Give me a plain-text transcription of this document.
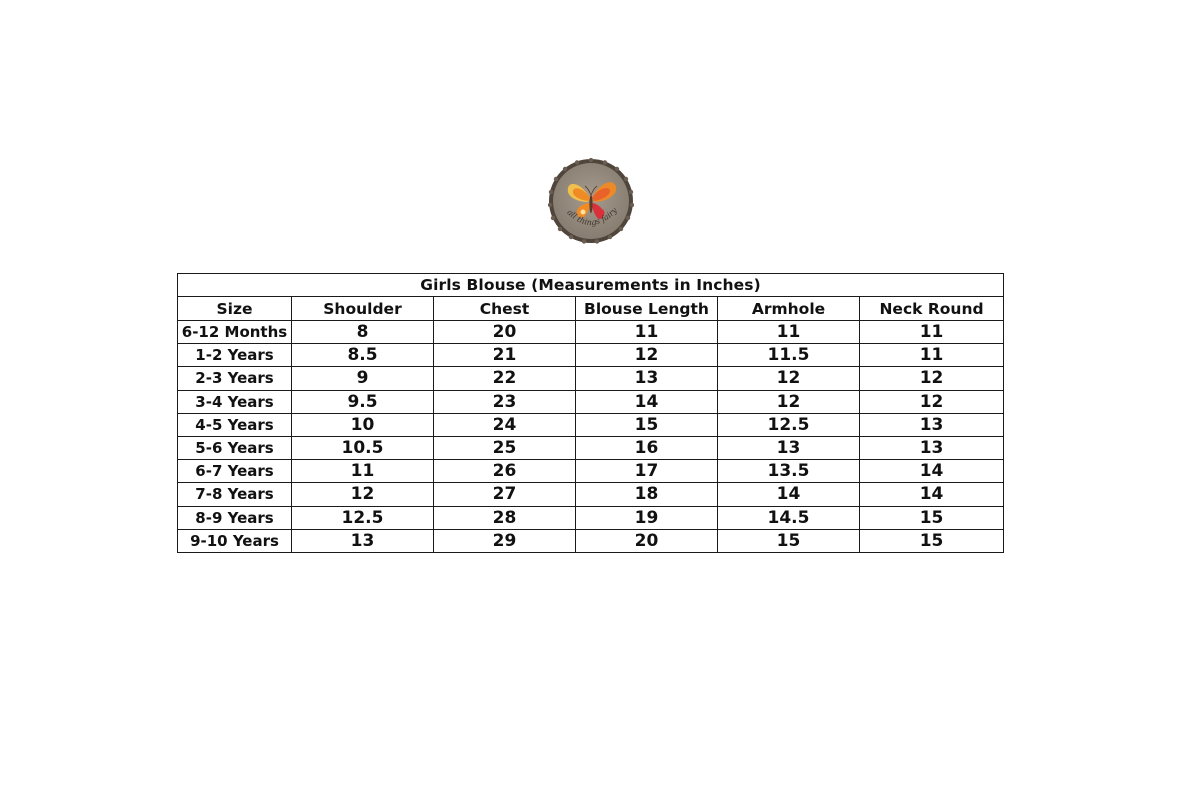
all things fairy
Girls Blouse (Measurements in Inches)					
Size	Shoulder	Chest	Blouse Length	Armhole	Neck Round
6-12 Months	8	20	11	11	11
1-2 Years	8.5	21	12	11.5	11
2-3 Years	9	22	13	12	12
3-4 Years	9.5	23	14	12	12
4-5 Years	10	24	15	12.5	13
5-6 Years	10.5	25	16	13	13
6-7 Years	11	26	17	13.5	14
7-8 Years	12	27	18	14	14
8-9 Years	12.5	28	19	14.5	15
9-10 Years	13	29	20	15	15
